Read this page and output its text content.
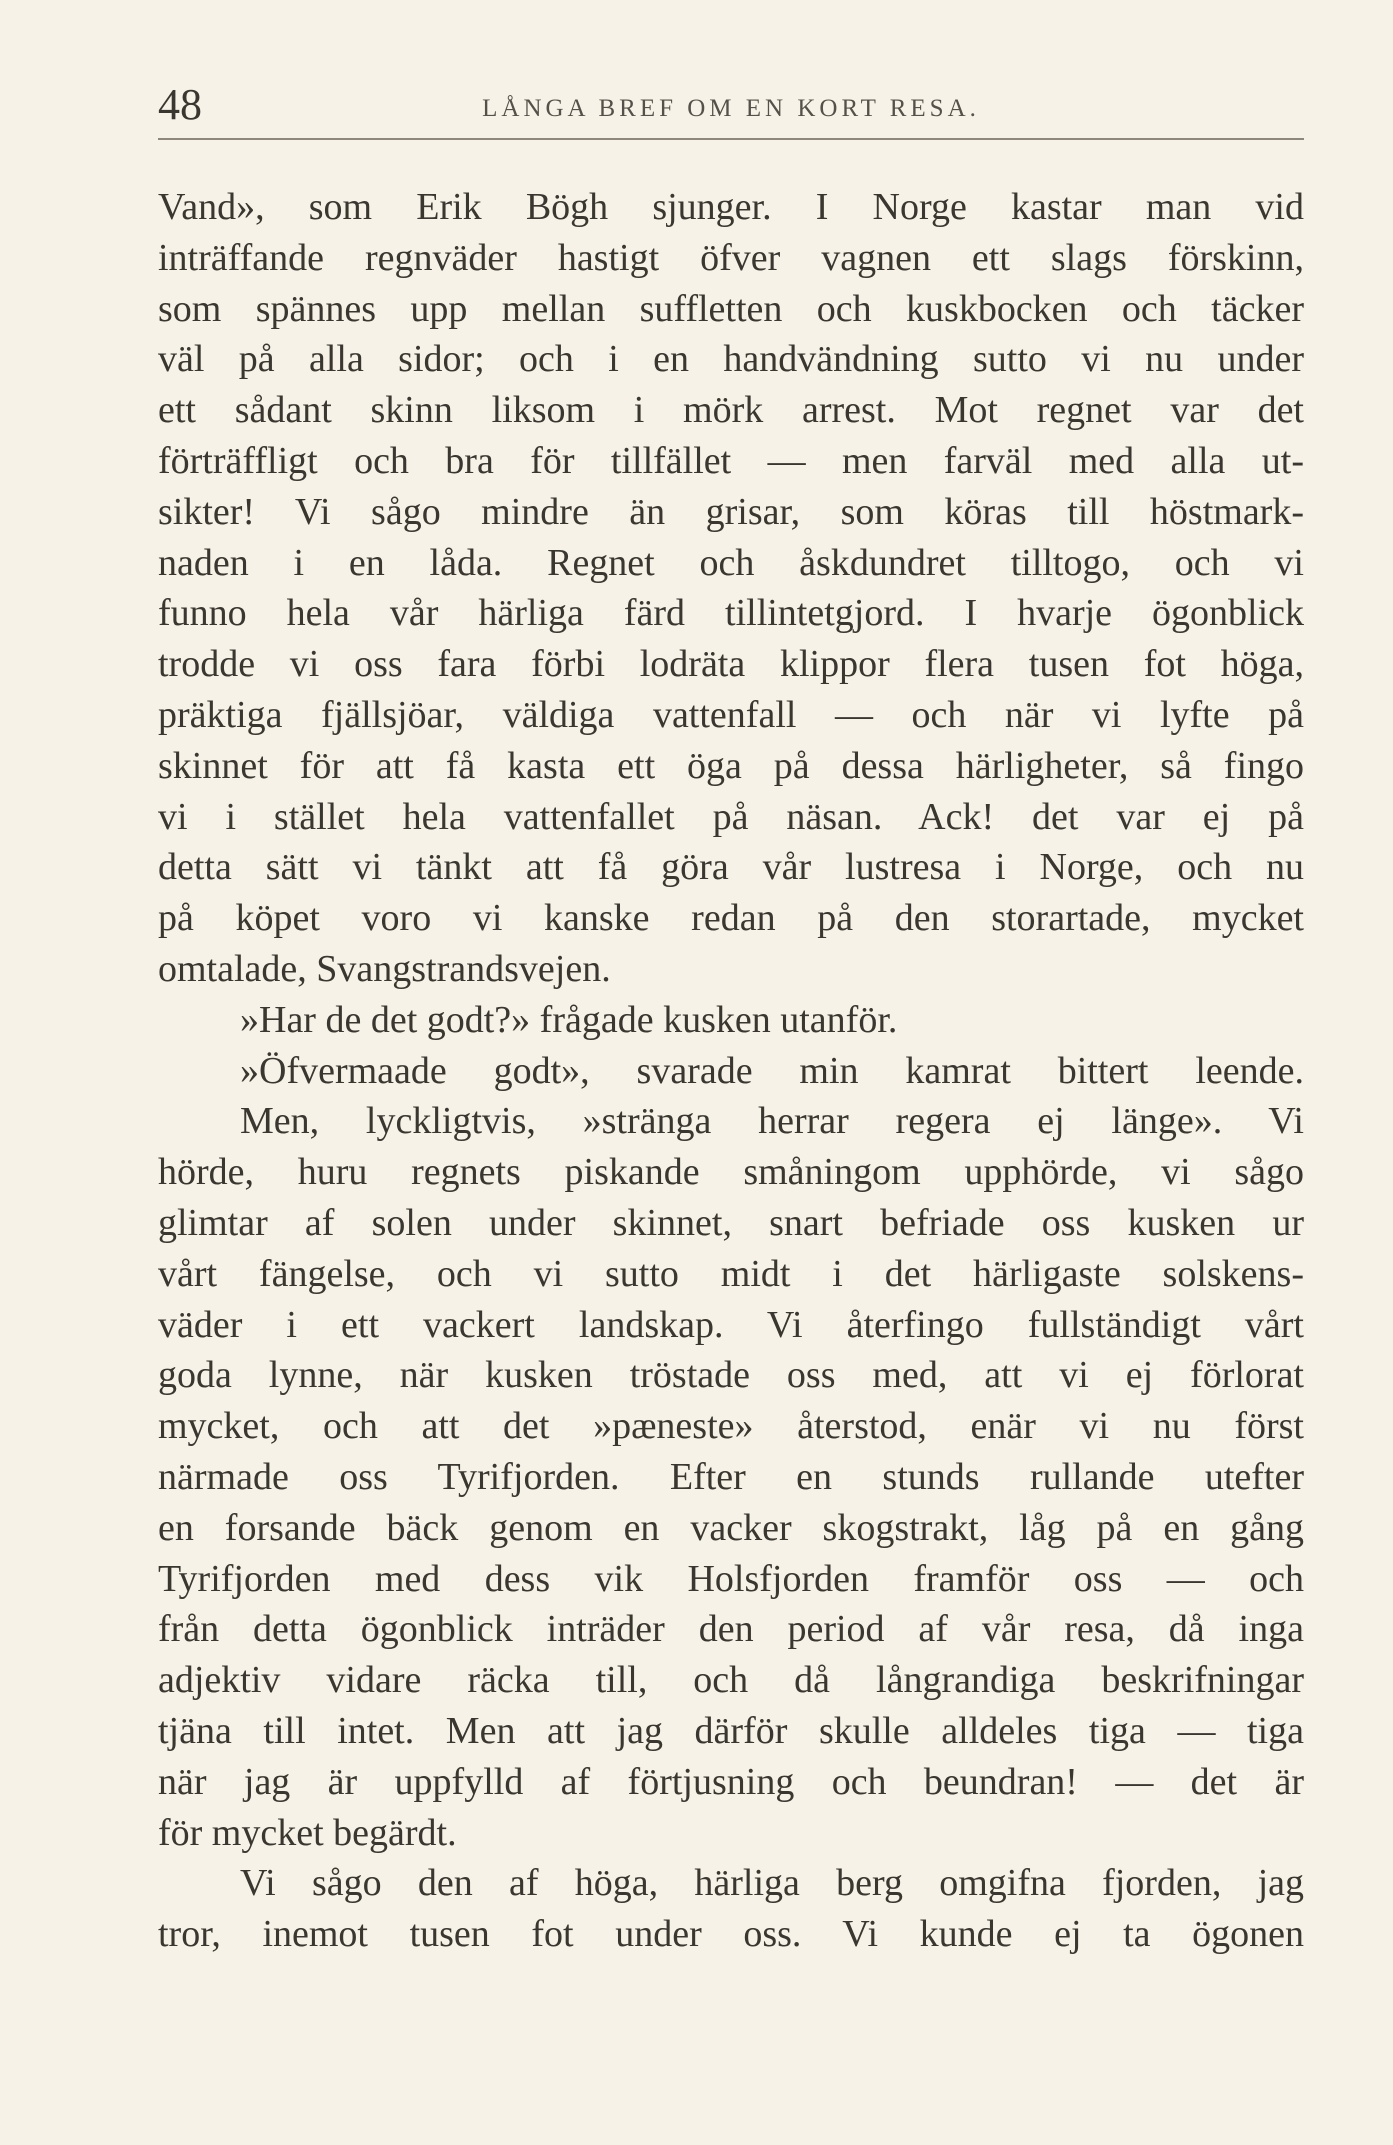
48	LÅNGA BREF OM EN KORT RESA.
Vand», som Erik Bögh sjunger. I Norge kastar man vid
inträffande regnväder hastigt öfver vagnen ett slags förskinn,
som spännes upp mellan suffletten och kuskbocken och täcker
väl på alla sidor; och i en handvändning sutto vi nu under
ett sådant skinn liksom i mörk arrest. Mot regnet var det
förträffligt och bra för tillfället — men farväl med alla ut-
sikter! Vi sågo mindre än grisar, som köras till höstmark-
naden i en låda. Regnet och åskdundret tilltogo, och vi
funno hela vår härliga färd tillintetgjord. I hvarje ögonblick
trodde vi oss fara förbi lodräta klippor flera tusen fot höga,
präktiga fjällsjöar, väldiga vattenfall — och när vi lyfte på
skinnet för att få kasta ett öga på dessa härligheter, så fingo
vi i stället hela vattenfallet på näsan. Ack! det var ej på
detta sätt vi tänkt att få göra vår lustresa i Norge, och nu
på köpet voro vi kanske redan på den storartade, mycket
omtalade, Svangstrandsvejen.
»Har de det godt?» frågade kusken utanför.
»Öfvermaade godt», svarade min kamrat bittert leende.
Men, lyckligtvis, »stränga herrar regera ej länge». Vi
hörde, huru regnets piskande småningom upphörde, vi sågo
glimtar af solen under skinnet, snart befriade oss kusken ur
vårt fängelse, och vi sutto midt i det härligaste solskens-
väder i ett vackert landskap. Vi återfingo fullständigt vårt
goda lynne, när kusken tröstade oss med, att vi ej förlorat
mycket, och att det »pæneste» återstod, enär vi nu först
närmade oss Tyrifjorden. Efter en stunds rullande utefter
en forsande bäck genom en vacker skogstrakt, låg på en gång
Tyrifjorden med dess vik Holsfjorden framför oss — och
från detta ögonblick inträder den period af vår resa, då inga
adjektiv vidare räcka till, och då långrandiga beskrifningar
tjäna till intet. Men att jag därför skulle alldeles tiga — tiga
när jag är uppfylld af förtjusning och beundran! — det är
för mycket begärdt.
Vi sågo den af höga, härliga berg omgifna fjorden, jag
tror, inemot tusen fot under oss. Vi kunde ej ta ögonen
